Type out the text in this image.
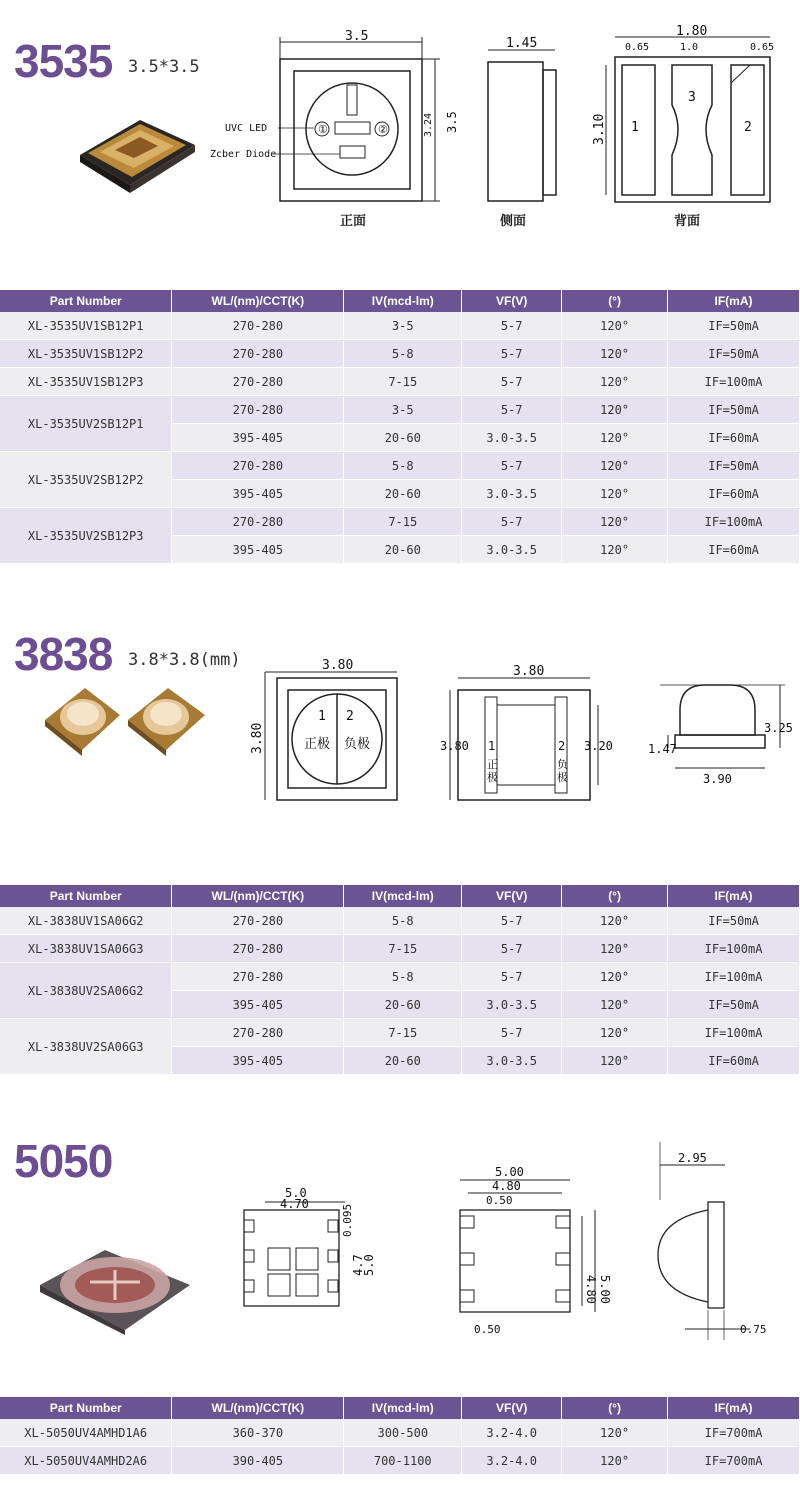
3535 3.5*3.5
3.5
①	②
UVC LED
Zcber Diode
3.24 3.5
1.45
1.80
0.65	1.0	0.65
1
3
2
3.10
正面	侧面	背面
Part Number	WL/(nm)/CCT(K)	IV(mcd-lm)	VF(V)	(°)	IF(mA)
XL-3535UV1SB12P1	270-280	3-5	5-7	120°	IF=50mA
XL-3535UV1SB12P2	270-280	5-8	5-7	120°	IF=50mA
XL-3535UV1SB12P3	270-280	7-15	5-7	120°	IF=100mA
XL-3535UV2SB12P1	270-280	3-5	5-7	120°	IF=50mA
	395-405	20-60	3.0-3.5	120°	IF=60mA
XL-3535UV2SB12P2	270-280	5-8	5-7	120°	IF=50mA
	395-405	20-60	3.0-3.5	120°	IF=60mA
XL-3535UV2SB12P3	270-280	7-15	5-7	120°	IF=100mA
	395-405	20-60	3.0-3.5	120°	IF=60mA
3838 3.8*3.8(mm)	3.80
1 2
正极 负极
3.80
3.80
3.80 1	2
正
极
负
极
3.20
3.25
1.47
3.90
Part Number	WL/(nm)/CCT(K)	IV(mcd-lm)	VF(V)	(°)	IF(mA)
XL-3838UV1SA06G2	270-280	5-8	5-7	120°	IF=50mA
XL-3838UV1SA06G3	270-280	7-15	5-7	120°	IF=100mA
XL-3838UV2SA06G2	270-280	5-8	5-7	120°	IF=100mA
	395-405	20-60	3.0-3.5	120°	IF=50mA
XL-3838UV2SA06G3	270-280	7-15	5-7	120°	IF=100mA
	395-405	20-60	3.0-3.5	120°	IF=60mA
5050
5.0
4.70	0.095
4.7
5.0
5.00
4.80
0.50
5.00
4.80
0.50
2.95
0.75
Part Number	WL/(nm)/CCT(K)	IV(mcd-lm)	VF(V)	(°)	IF(mA)
XL-5050UV4AMHD1A6	360-370	300-500	3.2-4.0	120°	IF=700mA
XL-5050UV4AMHD2A6	390-405	700-1100	3.2-4.0	120°	IF=700mA
